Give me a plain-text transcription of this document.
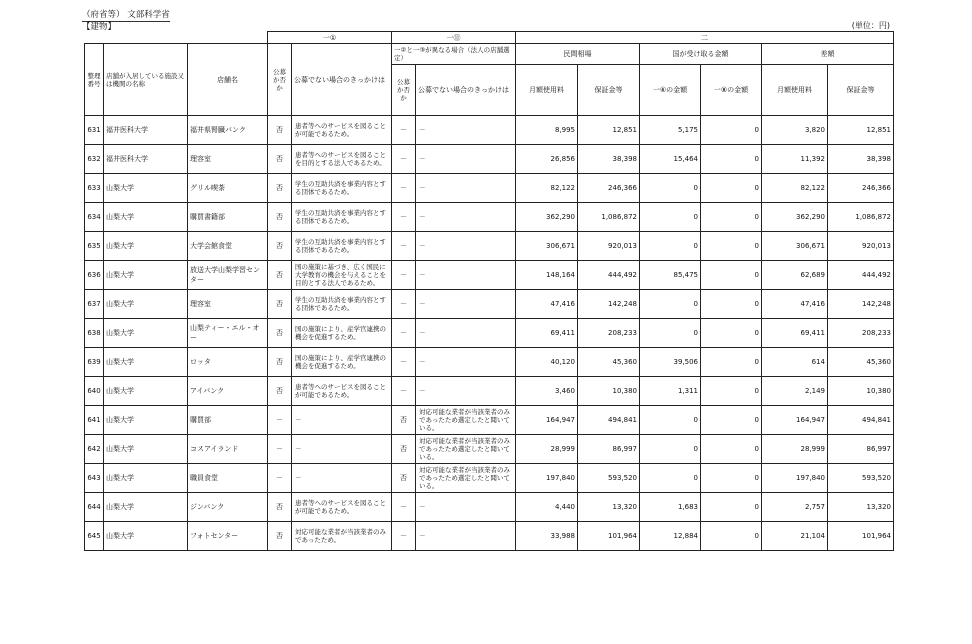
（府省等） 文部科学省
【建物】	(単位：円)
			一①		一⑪		二					
整理番号	店舗が入居している施設又は機関の名称	店舗名	公募か否か	公募でない場合のきっかけは	一②と一③が異なる場合（法人の店舗選定）		民間相場		国が受け取る金額		差額	
					公募か否か	公募でない場合のきっかけは	月額使用料	保証金等	一⑥の金額	一⑧の金額	月額使用料	保証金等
631	福井医科大学	福井県腎臓バンク	否	患者等へのサービスを図ることが可能であるため。	－	－	8,995	12,851	5,175	0	3,820	12,851
632	福井医科大学	理容室	否	患者等へのサービスを図ることを目的とする法人であるため。	－	－	26,856	38,398	15,464	0	11,392	38,398
633	山梨大学	グリル喫茶	否	学生の互助共済を事業内容とする団体であるため。	－	－	82,122	246,366	0	0	82,122	246,366
634	山梨大学	購買書籍部	否	学生の互助共済を事業内容とする団体であるため。	－	－	362,290	1,086,872	0	0	362,290	1,086,872
635	山梨大学	大学会館食堂	否	学生の互助共済を事業内容とする団体であるため。	－	－	306,671	920,013	0	0	306,671	920,013
636	山梨大学	放送大学山梨学習センター	否	国の施策に基づき、広く国民に大学教育の機会を与えることを目的とする法人であるため。	－	－	148,164	444,492	85,475	0	62,689	444,492
637	山梨大学	理容室	否	学生の互助共済を事業内容とする団体であるため。	－	－	47,416	142,248	0	0	47,416	142,248
638	山梨大学	山梨ティー・エル・オー	否	国の施策により、産学官連携の機会を促進するため。	－	－	69,411	208,233	0	0	69,411	208,233
639	山梨大学	ロッタ	否	国の施策により、産学官連携の機会を促進するため。	－	－	40,120	45,360	39,506	0	614	45,360
640	山梨大学	アイバンク	否	患者等へのサービスを図ることが可能であるため。	－	－	3,460	10,380	1,311	0	2,149	10,380
641	山梨大学	購買部	－	－	否	対応可能な業者が当該業者のみであったため選定したと聞いている。	164,947	494,841	0	0	164,947	494,841
642	山梨大学	コスアイランド	－	－	否	対応可能な業者が当該業者のみであったため選定したと聞いている。	28,999	86,997	0	0	28,999	86,997
643	山梨大学	職員食堂	－	－	否	対応可能な業者が当該業者のみであったため選定したと聞いている。	197,840	593,520	0	0	197,840	593,520
644	山梨大学	ジンバンク	否	患者等へのサービスを図ることが可能であるため。	－	－	4,440	13,320	1,683	0	2,757	13,320
645	山梨大学	フォトセンター	否	対応可能な業者が当該業者のみであったため。	－	－	33,988	101,964	12,884	0	21,104	101,964
